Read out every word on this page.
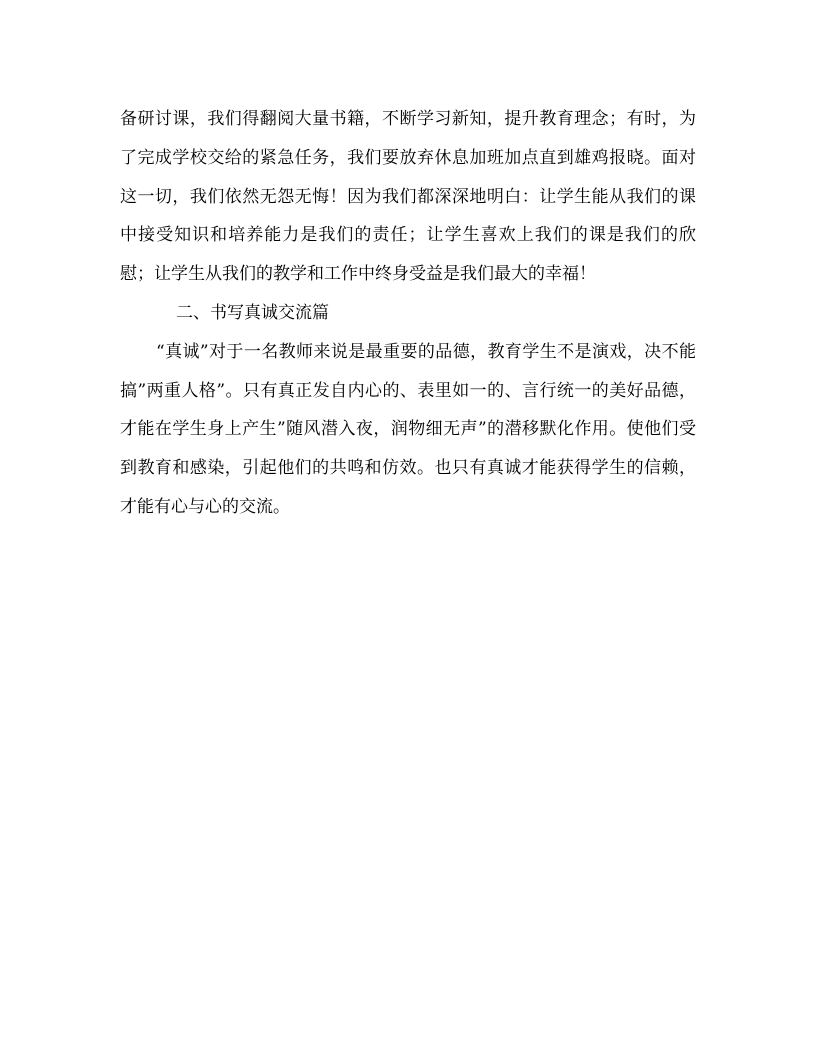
备研讨课，我们得翻阅大量书籍，不断学习新知，提升教育理念；有时，为了完成学校交给的紧急任务，我们要放弃休息加班加点直到雄鸡报晓。面对这一切，我们依然无怨无悔！因为我们都深深地明白：让学生能从我们的课中接受知识和培养能力是我们的责任；让学生喜欢上我们的课是我们的欣慰；让学生从我们的教学和工作中终身受益是我们最大的幸福！

二、书写真诚交流篇

“真诚”对于一名教师来说是最重要的品德，教育学生不是演戏，决不能搞”两重人格”。只有真正发自内心的、表里如一的、言行统一的美好品德，才能在学生身上产生”随风潜入夜，润物细无声”的潜移默化作用。使他们受到教育和感染，引起他们的共鸣和仿效。也只有真诚才能获得学生的信赖，才能有心与心的交流。
